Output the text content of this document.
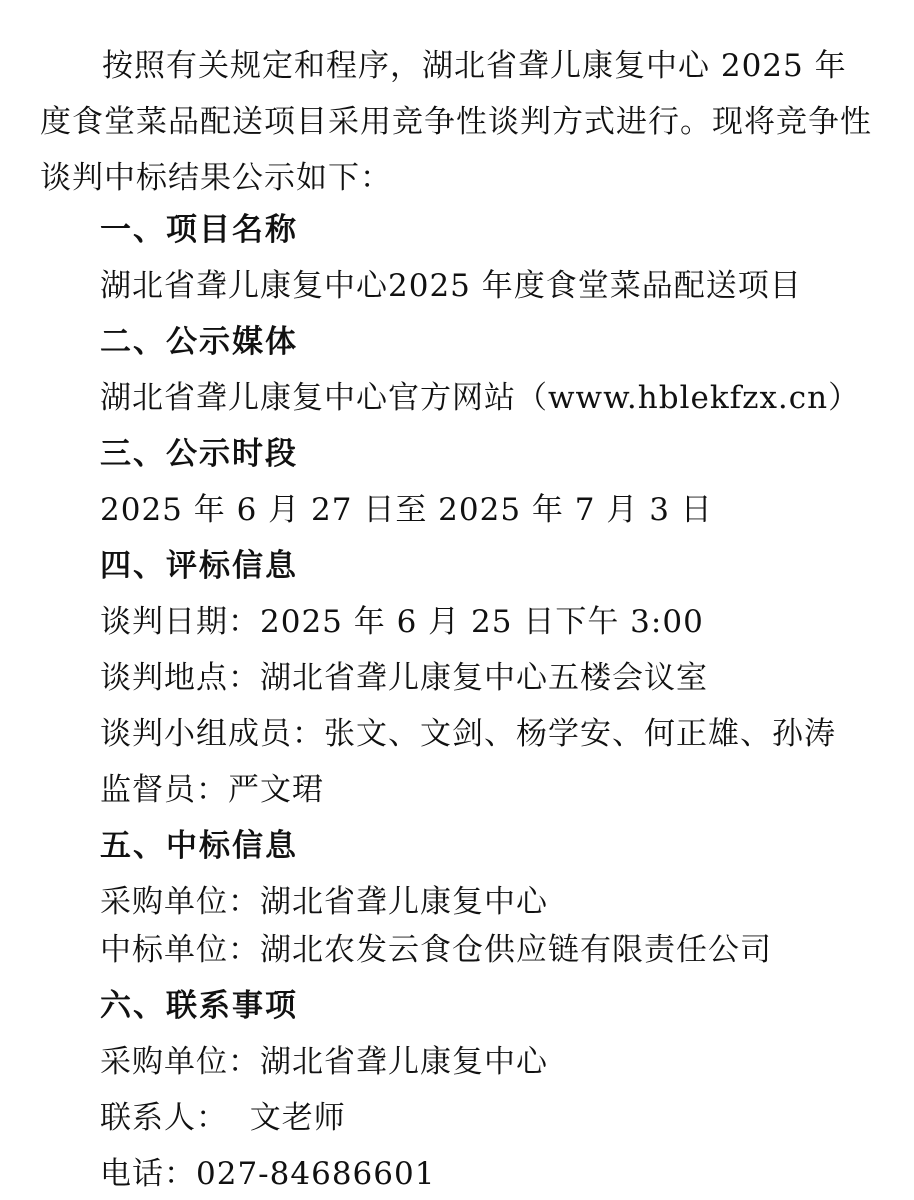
按照有关规定和程序，湖北省聋儿康复中心 2025 年度食堂菜品配送项目采用竞争性谈判方式进行。现将竞争性谈判中标结果公示如下：

一、项目名称
湖北省聋儿康复中心2025 年度食堂菜品配送项目
二、公示媒体
湖北省聋儿康复中心官方网站（www.hblekfzx.cn）
三、公示时段
2025 年 6 月 27 日至 2025 年 7 月 3 日
四、评标信息
谈判日期：2025 年 6 月 25 日下午 3:00
谈判地点：湖北省聋儿康复中心五楼会议室
谈判小组成员：张文、文剑、杨学安、何正雄、孙涛
监督员：严文珺
五、中标信息
采购单位：湖北省聋儿康复中心
中标单位：湖北农发云食仓供应链有限责任公司
六、联系事项
采购单位：湖北省聋儿康复中心
联系人：  文老师
电话：027-84686601
